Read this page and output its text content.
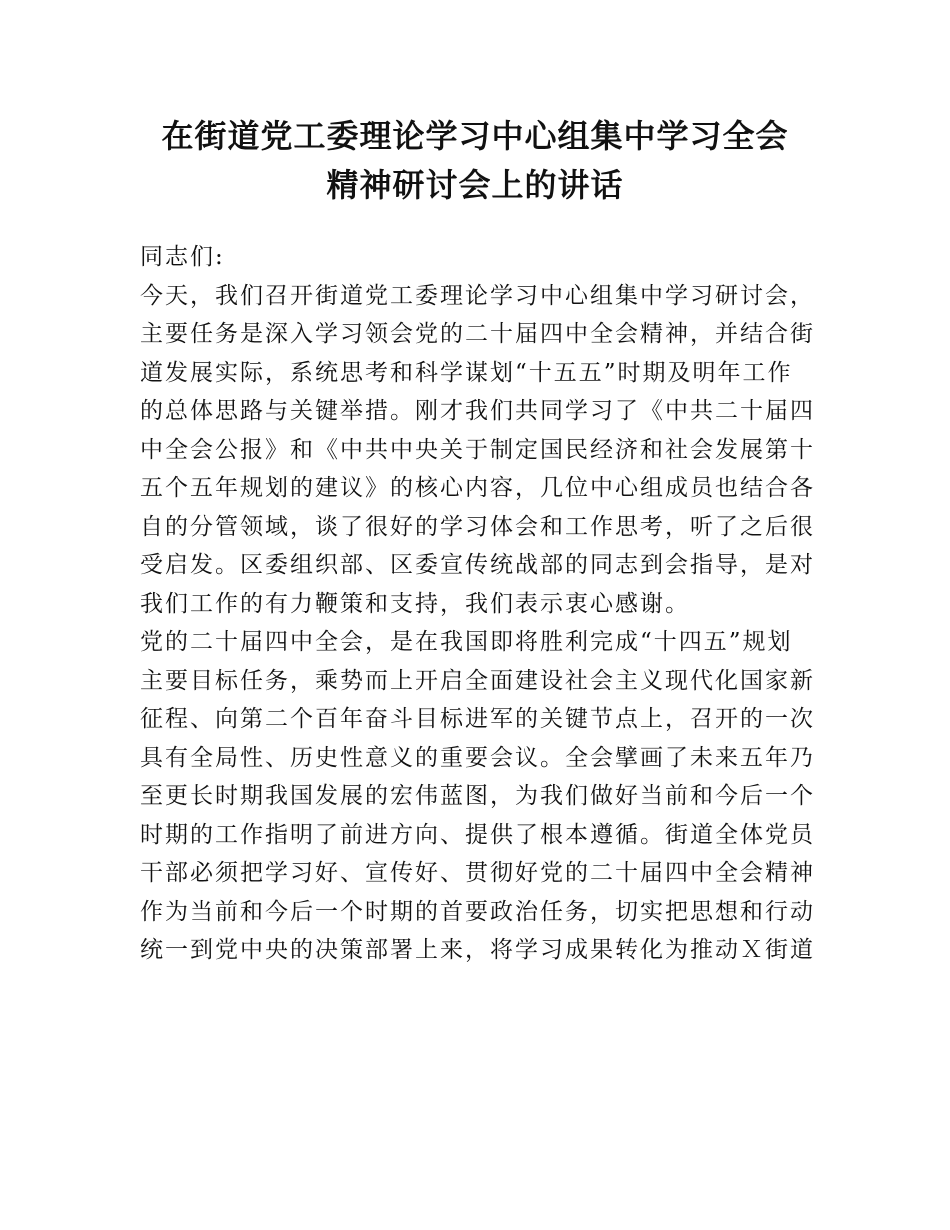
在街道党工委理论学习中心组集中学习全会
精神研讨会上的讲话

同志们:

今天，我们召开街道党工委理论学习中心组集中学习研讨会，

主要任务是深入学习领会党的二十届四中全会精神，并结合街

道发展实际，系统思考和科学谋划“十五五”时期及明年工作

的总体思路与关键举措。刚才我们共同学习了《中共二十届四

中全会公报》和《中共中央关于制定国民经济和社会发展第十

五个五年规划的建议》的核心内容，几位中心组成员也结合各

自的分管领域，谈了很好的学习体会和工作思考，听了之后很

受启发。区委组织部、区委宣传统战部的同志到会指导，是对

我们工作的有力鞭策和支持，我们表示衷心感谢。

党的二十届四中全会，是在我国即将胜利完成“十四五”规划

主要目标任务，乘势而上开启全面建设社会主义现代化国家新

征程、向第二个百年奋斗目标进军的关键节点上，召开的一次

具有全局性、历史性意义的重要会议。全会擘画了未来五年乃

至更长时期我国发展的宏伟蓝图，为我们做好当前和今后一个

时期的工作指明了前进方向、提供了根本遵循。街道全体党员

干部必须把学习好、宣传好、贯彻好党的二十届四中全会精神

作为当前和今后一个时期的首要政治任务，切实把思想和行动

统一到党中央的决策部署上来，将学习成果转化为推动Ｘ街道
